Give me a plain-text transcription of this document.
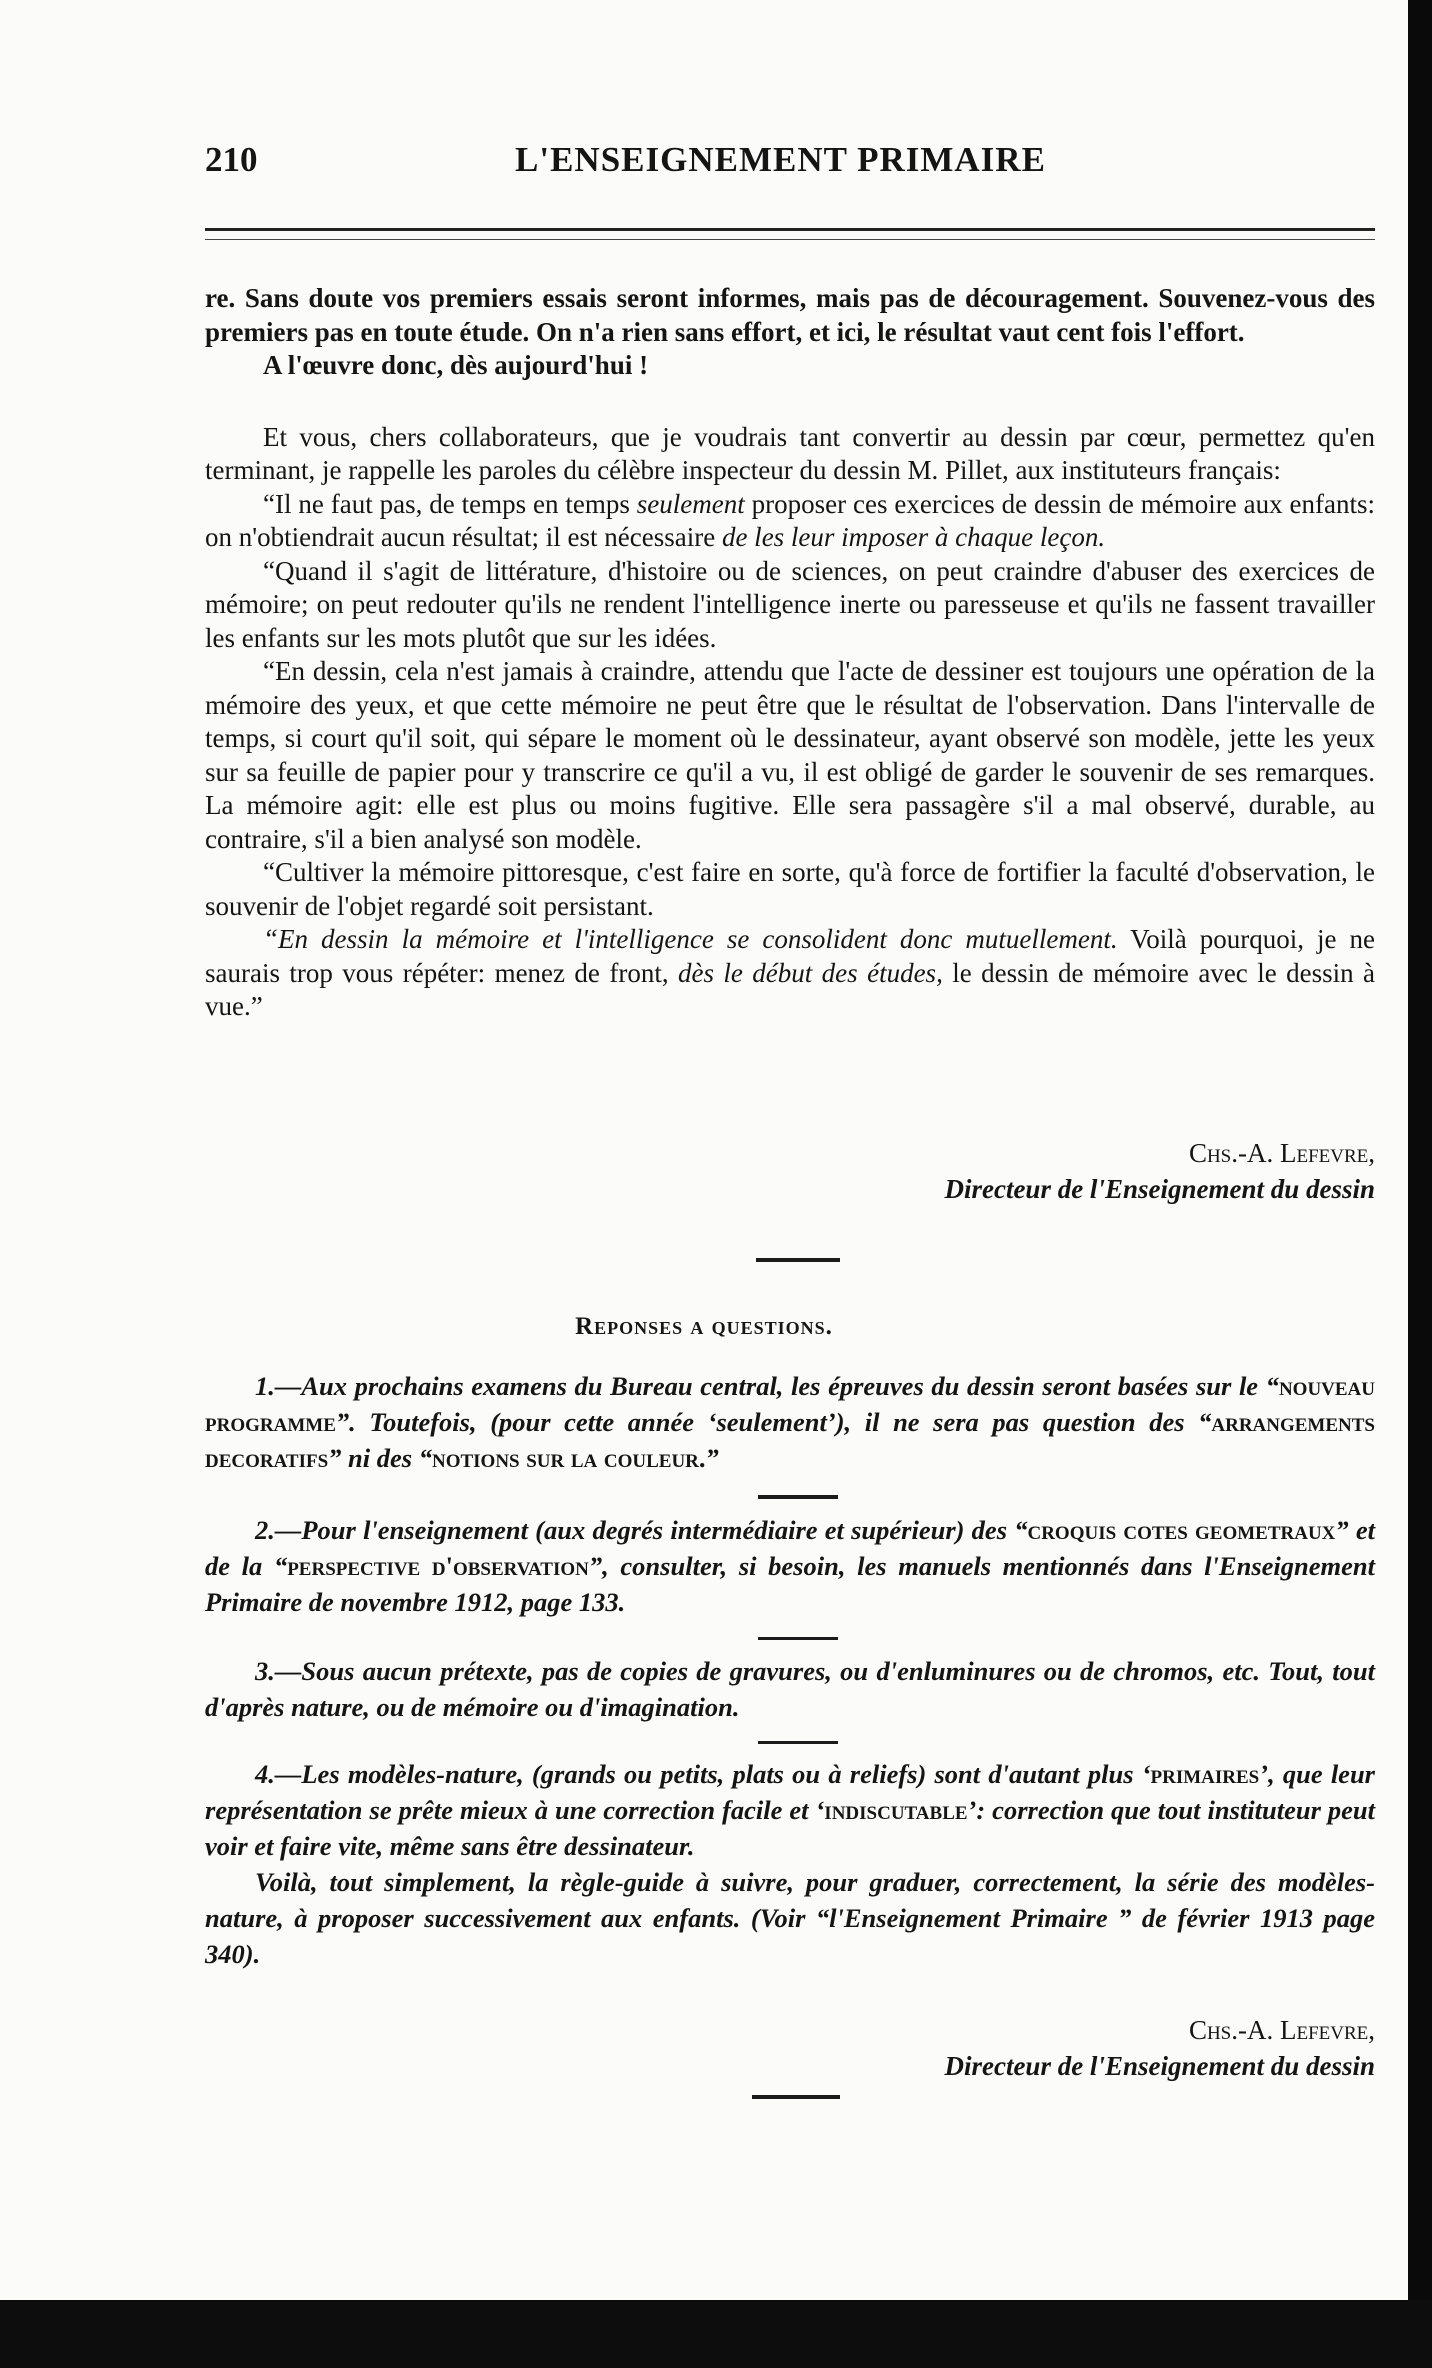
210	L'ENSEIGNEMENT PRIMAIRE

re. Sans doute vos premiers essais seront informes, mais pas de découragement. Souvenez-vous des premiers pas en toute étude. On n'a rien sans effort, et ici, le résultat vaut cent fois l'effort.

A l'œuvre donc, dès aujourd'hui !

Et vous, chers collaborateurs, que je voudrais tant convertir au dessin par cœur, permettez qu'en terminant, je rappelle les paroles du célèbre inspecteur du dessin M. Pillet, aux instituteurs français:

“Il ne faut pas, de temps en temps seulement proposer ces exercices de dessin de mémoire aux enfants: on n'obtiendrait aucun résultat; il est nécessaire de les leur imposer à chaque leçon.

“Quand il s'agit de littérature, d'histoire ou de sciences, on peut craindre d'abuser des exercices de mémoire; on peut redouter qu'ils ne rendent l'intelligence inerte ou paresseuse et qu'ils ne fassent travailler les enfants sur les mots plutôt que sur les idées.

“En dessin, cela n'est jamais à craindre, attendu que l'acte de dessiner est toujours une opération de la mémoire des yeux, et que cette mémoire ne peut être que le résultat de l'observation. Dans l'intervalle de temps, si court qu'il soit, qui sépare le moment où le dessinateur, ayant observé son modèle, jette les yeux sur sa feuille de papier pour y transcrire ce qu'il a vu, il est obligé de garder le souvenir de ses remarques. La mémoire agit: elle est plus ou moins fugitive. Elle sera passagère s'il a mal observé, durable, au contraire, s'il a bien analysé son modèle.

“Cultiver la mémoire pittoresque, c'est faire en sorte, qu'à force de fortifier la faculté d'observation, le souvenir de l'objet regardé soit persistant.

“En dessin la mémoire et l'intelligence se consolident donc mutuellement. Voilà pourquoi, je ne saurais trop vous répéter: menez de front, dès le début des études, le dessin de mémoire avec le dessin à vue.”

Chs.-A. Lefevre,
Directeur de l'Enseignement du dessin
Reponses a questions.

1.—Aux prochains examens du Bureau central, les épreuves du dessin seront basées sur le “nouveau programme”. Toutefois, (pour cette année ‘seulement’), il ne sera pas question des “arrangements decoratifs” ni des “notions sur la couleur.”

2.—Pour l'enseignement (aux degrés intermédiaire et supérieur) des “croquis cotes geometraux” et de la “perspective d'observation”, consulter, si besoin, les manuels mentionnés dans l'Enseignement Primaire de novembre 1912, page 133.

3.—Sous aucun prétexte, pas de copies de gravures, ou d'enluminures ou de chromos, etc. Tout, tout d'après nature, ou de mémoire ou d'imagination.

4.—Les modèles-nature, (grands ou petits, plats ou à reliefs) sont d'autant plus ‘primaires’, que leur représentation se prête mieux à une correction facile et ‘indiscutable’: correction que tout instituteur peut voir et faire vite, même sans être dessinateur.

Voilà, tout simplement, la règle-guide à suivre, pour graduer, correctement, la série des modèles-nature, à proposer successivement aux enfants. (Voir “l'Enseignement Primaire ” de février 1913 page 340).

Chs.-A. Lefevre,
Directeur de l'Enseignement du dessin
